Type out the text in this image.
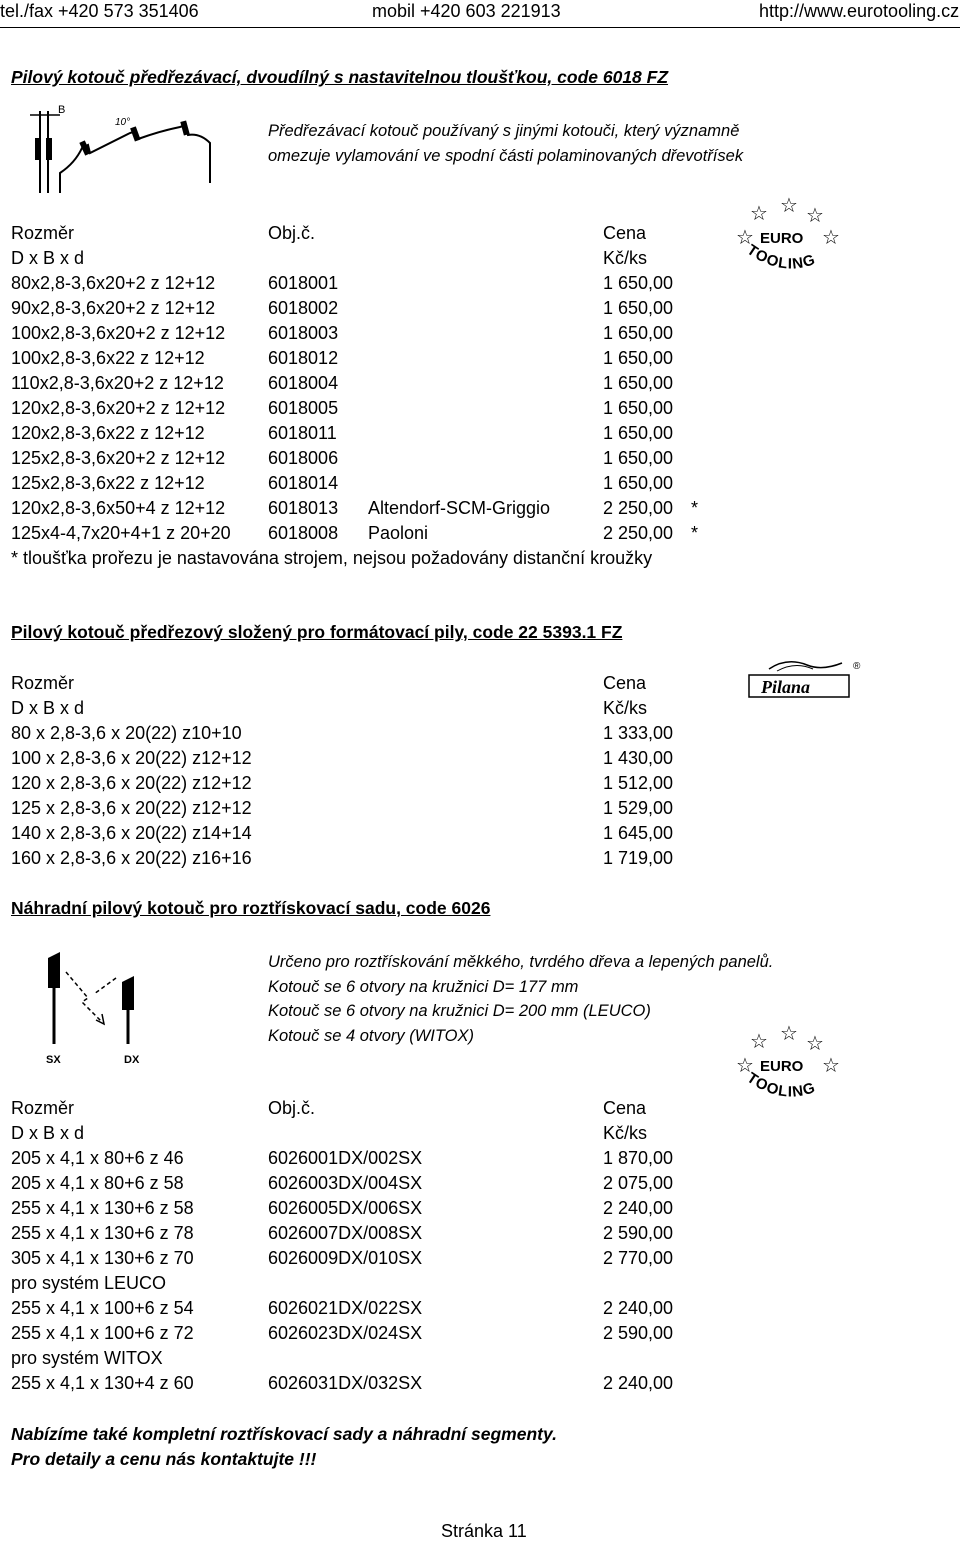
tel./fax +420 573 351406	mobil +420 603 221913	http://www.eurotooling.cz
Pilový kotouč předřezávací, dvoudílný s nastavitelnou tloušťkou, code 6018 FZ
B
10°	Předřezávací kotouč používaný s jinými kotouči, který významně
omezuje vylamování ve spodní části polaminovaných dřevotřísek
☆ ☆ ☆
☆	☆
EURO
TOOLING
Rozměr	Obj.č.	Cena
D x B x d	Kč/ks
80x2,8-3,6x20+2 z 12+12	6018001	1 650,00
90x2,8-3,6x20+2 z 12+12	6018002	1 650,00
100x2,8-3,6x20+2 z 12+12 6018003	1 650,00
100x2,8-3,6x22 z 12+12	6018012	1 650,00
110x2,8-3,6x20+2 z 12+12 6018004	1 650,00
120x2,8-3,6x20+2 z 12+12 6018005	1 650,00
120x2,8-3,6x22 z 12+12	6018011	1 650,00
125x2,8-3,6x20+2 z 12+12 6018006	1 650,00
125x2,8-3,6x22 z 12+12	6018014	1 650,00
120x2,8-3,6x50+4 z 12+12 6018013 Altendorf-SCM-Griggio	2 250,00 *
125x4-4,7x20+4+1 z 20+20 6018008 Paoloni	2 250,00 *
* tloušťka prořezu je nastavována strojem, nejsou požadovány distanční kroužky
Pilový kotouč předřezový složený pro formátovací pily, code 22 5393.1 FZ
Pilana
®
Rozměr	Cena
D x B x d	Kč/ks
80 x 2,8-3,6 x 20(22) z10+10	1 333,00
100 x 2,8-3,6 x 20(22) z12+12	1 430,00
120 x 2,8-3,6 x 20(22) z12+12	1 512,00
125 x 2,8-3,6 x 20(22) z12+12	1 529,00
140 x 2,8-3,6 x 20(22) z14+14	1 645,00
160 x 2,8-3,6 x 20(22) z16+16	1 719,00
Náhradní pilový kotouč pro roztřískovací sadu, code 6026
SX	DX
Určeno pro roztřískování měkkého, tvrdého dřeva a lepených panelů.
Kotouč se 6 otvory na kružnici D= 177 mm
Kotouč se 6 otvory na kružnici D= 200 mm (LEUCO)
Kotouč se 4 otvory (WITOX)	☆ ☆ ☆
☆	☆
EURO
TOOLING
Rozměr	Obj.č.	Cena
D x B x d	Kč/ks
205 x 4,1 x 80+6 z 46	6026001DX/002SX	1 870,00
205 x 4,1 x 80+6 z 58	6026003DX/004SX	2 075,00
255 x 4,1 x 130+6 z 58	6026005DX/006SX	2 240,00
255 x 4,1 x 130+6 z 78	6026007DX/008SX	2 590,00
305 x 4,1 x 130+6 z 70	6026009DX/010SX	2 770,00
pro systém LEUCO
255 x 4,1 x 100+6 z 54	6026021DX/022SX	2 240,00
255 x 4,1 x 100+6 z 72	6026023DX/024SX	2 590,00
pro systém WITOX
255 x 4,1 x 130+4 z 60	6026031DX/032SX	2 240,00
Nabízíme také kompletní roztřískovací sady a náhradní segmenty.
Pro detaily a cenu nás kontaktujte !!!
Stránka 11
